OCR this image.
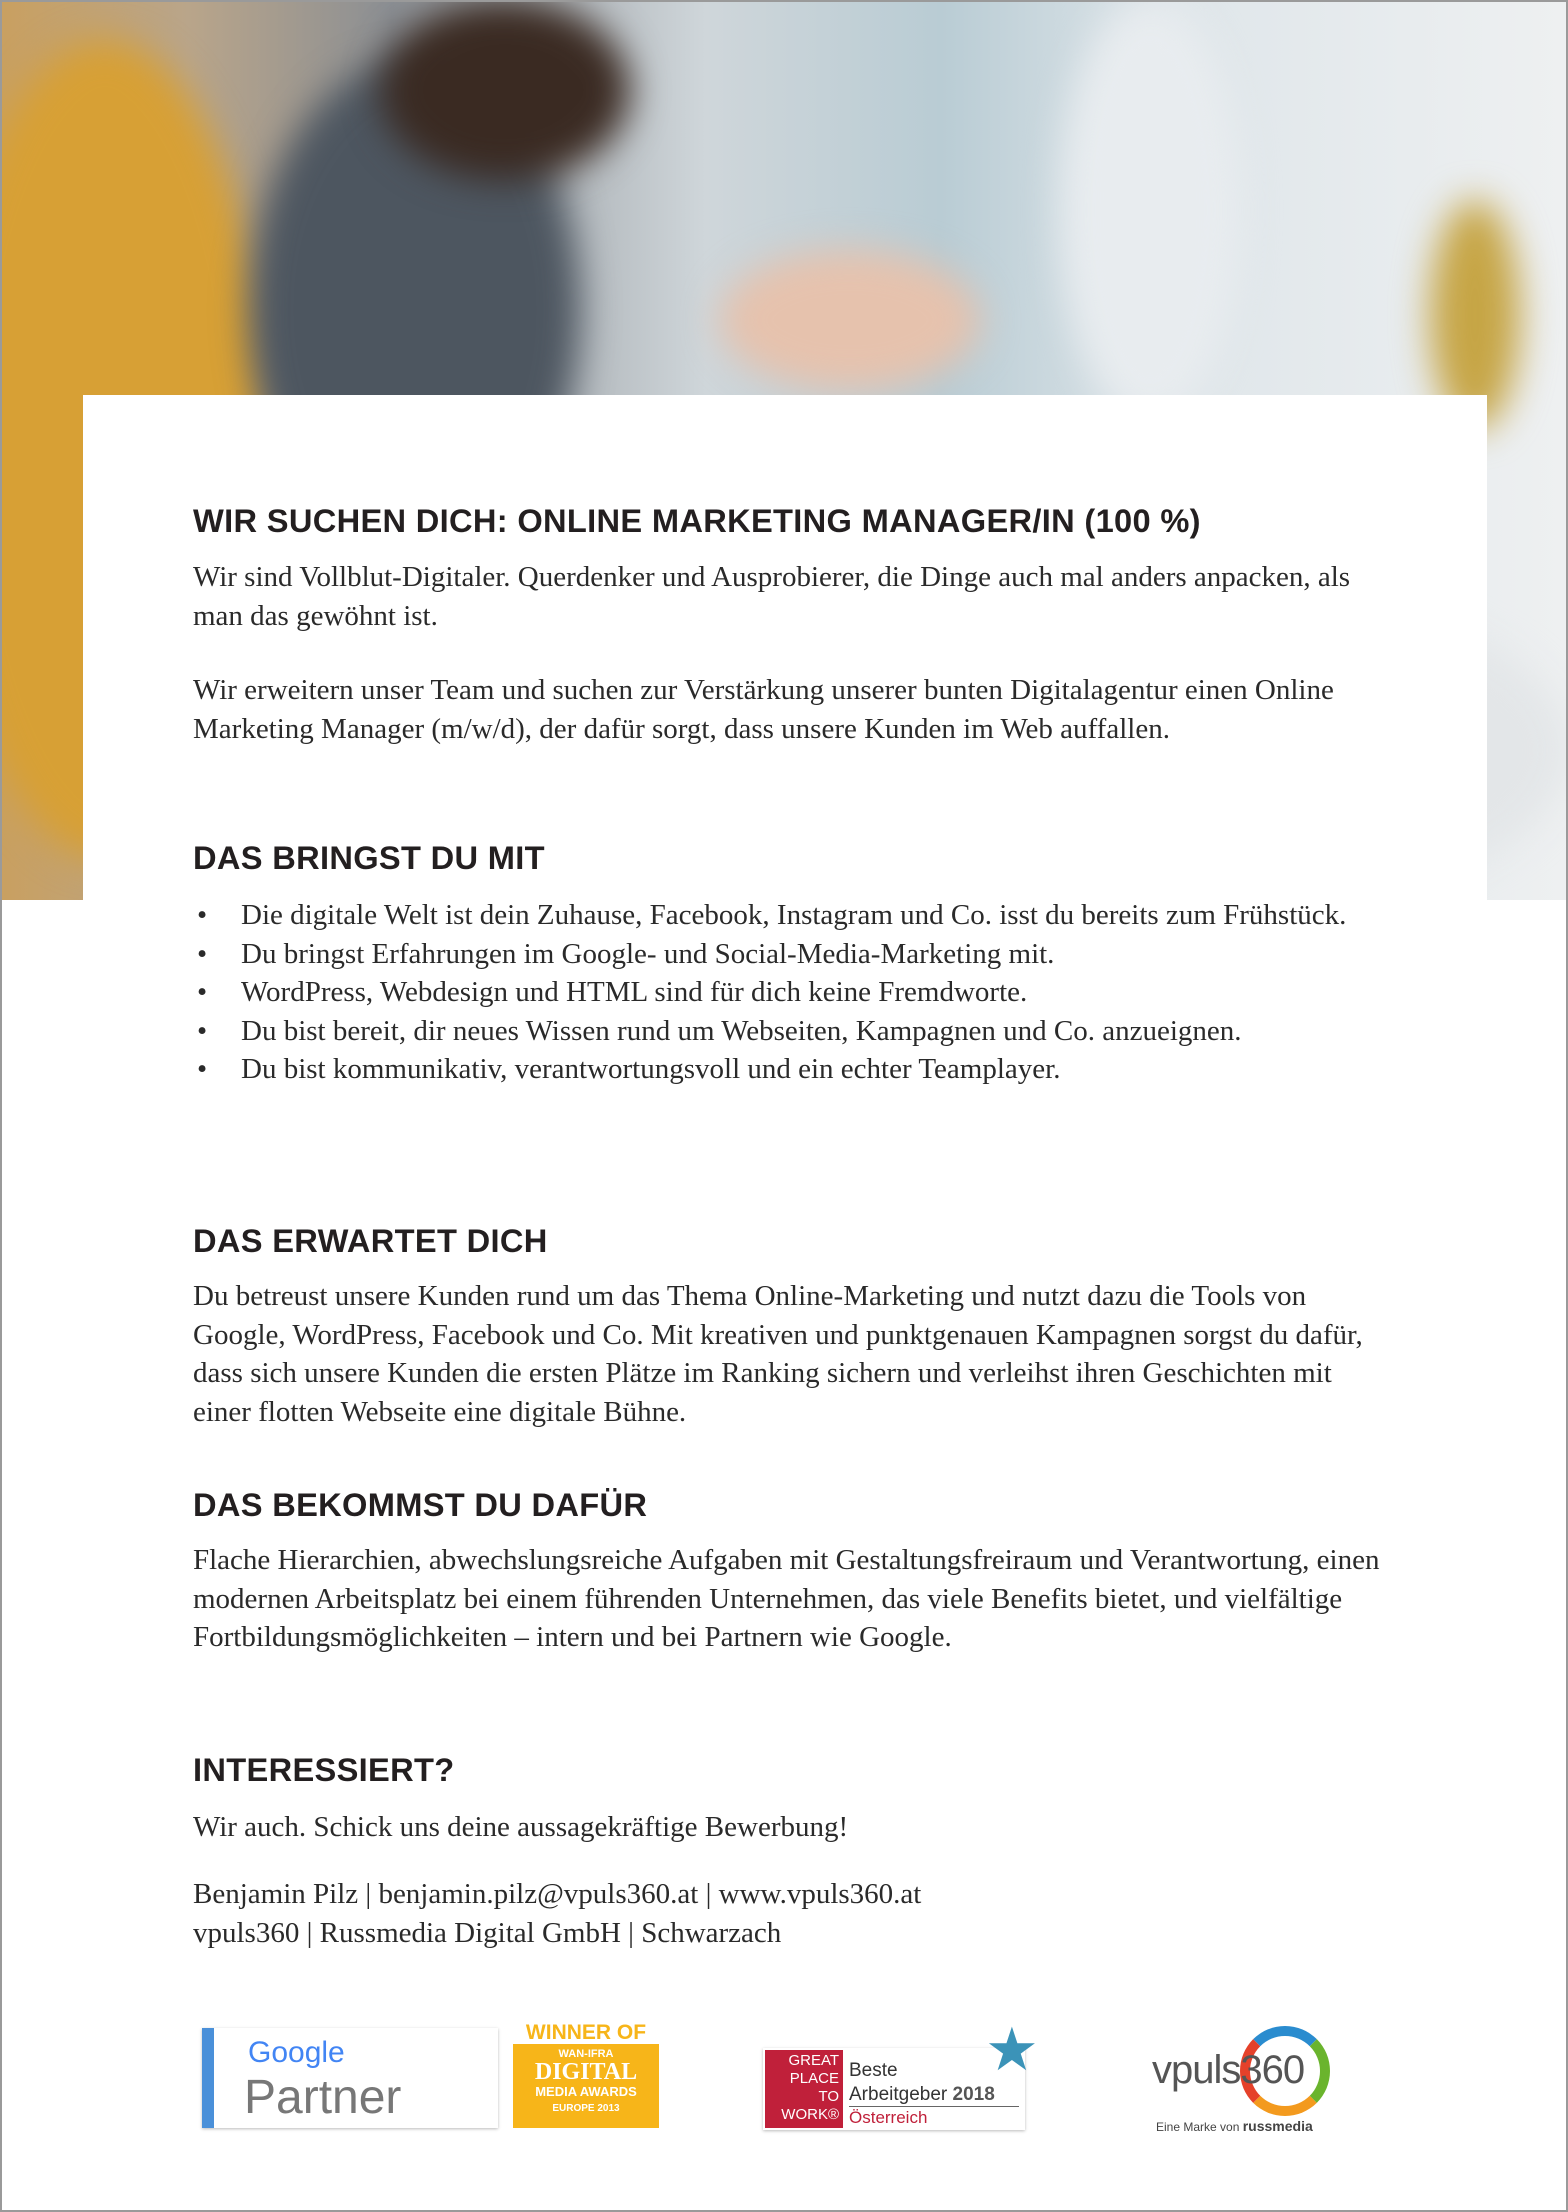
WIR SUCHEN DICH: ONLINE MARKETING MANAGER/IN (100 %)

Wir sind Vollblut-Digitaler. Querdenker und Ausprobierer, die Dinge auch mal anders anpacken, als man das gewöhnt ist.

Wir erweitern unser Team und suchen zur Verstärkung unserer bunten Digitalagentur einen Online Marketing Manager (m/w/d), der dafür sorgt, dass unsere Kunden im Web auffallen.

DAS BRINGST DU MIT
• Die digitale Welt ist dein Zuhause, Facebook, Instagram und Co. isst du bereits zum Frühstück.
• Du bringst Erfahrungen im Google- und Social-Media-Marketing mit.
• WordPress, Webdesign und HTML sind für dich keine Fremdworte.
• Du bist bereit, dir neues Wissen rund um Webseiten, Kampagnen und Co. anzueignen.
• Du bist kommunikativ, verantwortungsvoll und ein echter Teamplayer.
DAS ERWARTET DICH

Du betreust unsere Kunden rund um das Thema Online-Marketing und nutzt dazu die Tools von Google, WordPress, Facebook und Co. Mit kreativen und punktgenauen Kampagnen sorgst du dafür, dass sich unsere Kunden die ersten Plätze im Ranking sichern und verleihst ihren Geschichten mit einer flotten Webseite eine digitale Bühne.

DAS BEKOMMST DU DAFÜR

Flache Hierarchien, abwechslungsreiche Aufgaben mit Gestaltungsfreiraum und Verantwortung, einen modernen Arbeitsplatz bei einem führenden Unternehmen, das viele Benefits bietet, und vielfältige Fortbildungsmöglichkeiten – intern und bei Partnern wie Google.

INTERESSIERT?

Wir auch. Schick uns deine aussagekräftige Bewerbung!

Benjamin Pilz | benjamin.pilz@vpuls360.at | www.vpuls360.at

vpuls360 | Russmedia Digital GmbH | Schwarzach

Google
Partner
WINNER OF
WAN-IFRA
DIGITAL
MEDIA AWARDS
EUROPE 2013
GREAT
PLACE
TO
WORK®
Beste
Arbeitgeber 2018
Österreich
★	vpuls360
Eine Marke von russmedia
